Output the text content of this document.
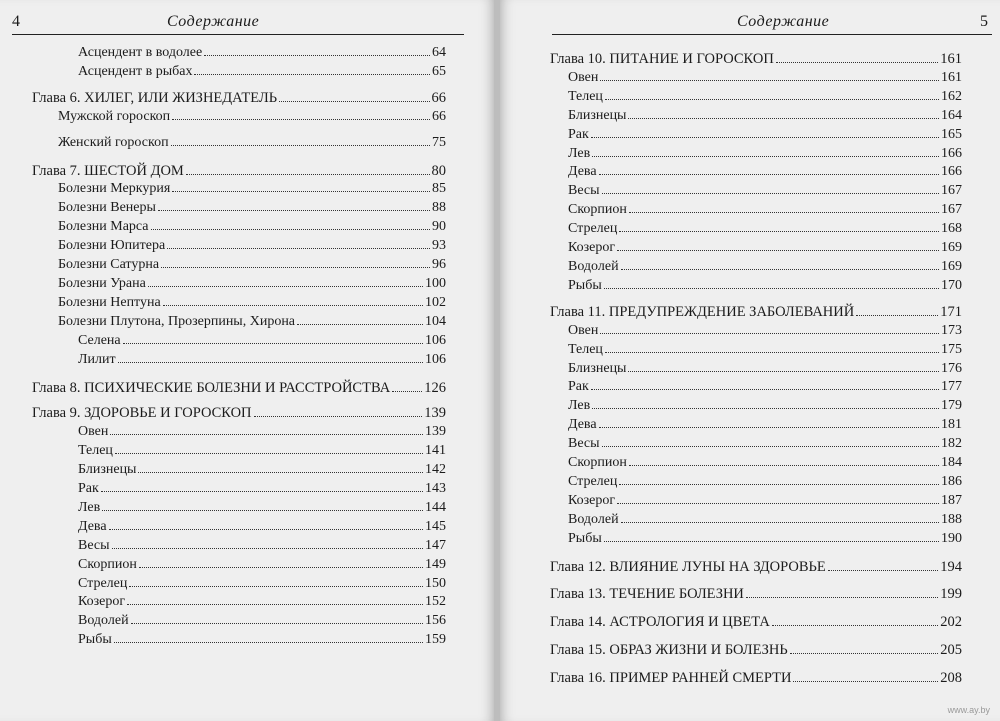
4	Содержание
Асцендент в водолее	64
Асцендент в рыбах	65
Глава 6. ХИЛЕГ, ИЛИ ЖИЗНЕДАТЕЛЬ	66
Мужской гороскоп	66
Женский гороскоп	75
Глава 7. ШЕСТОЙ ДОМ	80
Болезни Меркурия	85
Болезни Венеры	88
Болезни Марса	90
Болезни Юпитера	93
Болезни Сатурна	96
Болезни Урана	100
Болезни Нептуна	102
Болезни Плутона, Прозерпины, Хирона	104
Селена	106
Лилит	106
Глава 8. ПСИХИЧЕСКИЕ БОЛЕЗНИ И РАССТРОЙСТВА 126
Глава 9. ЗДОРОВЬЕ И ГОРОСКОП	139
Овен	139
Телец	141
Близнецы	142
Рак	143
Лев	144
Дева	145
Весы	147
Скорпион	149
Стрелец	150
Козерог	152
Водолей	156
Рыбы	159
Содержание	5
Глава 10. ПИТАНИЕ И ГОРОСКОП	161
Овен	161
Телец	162
Близнецы	164
Рак	165
Лев	166
Дева	166
Весы	167
Скорпион	167
Стрелец	168
Козерог	169
Водолей	169
Рыбы	170
Глава 11. ПРЕДУПРЕЖДЕНИЕ ЗАБОЛЕВАНИЙ	171
Овен	173
Телец	175
Близнецы	176
Рак	177
Лев	179
Дева	181
Весы	182
Скорпион	184
Стрелец	186
Козерог	187
Водолей	188
Рыбы	190
Глава 12. ВЛИЯНИЕ ЛУНЫ НА ЗДОРОВЬЕ	194
Глава 13. ТЕЧЕНИЕ БОЛЕЗНИ	199
Глава 14. АСТРОЛОГИЯ И ЦВЕТА	202
Глава 15. ОБРАЗ ЖИЗНИ И БОЛЕЗНЬ	205
Глава 16. ПРИМЕР РАННЕЙ СМЕРТИ	208
www.ay.by
